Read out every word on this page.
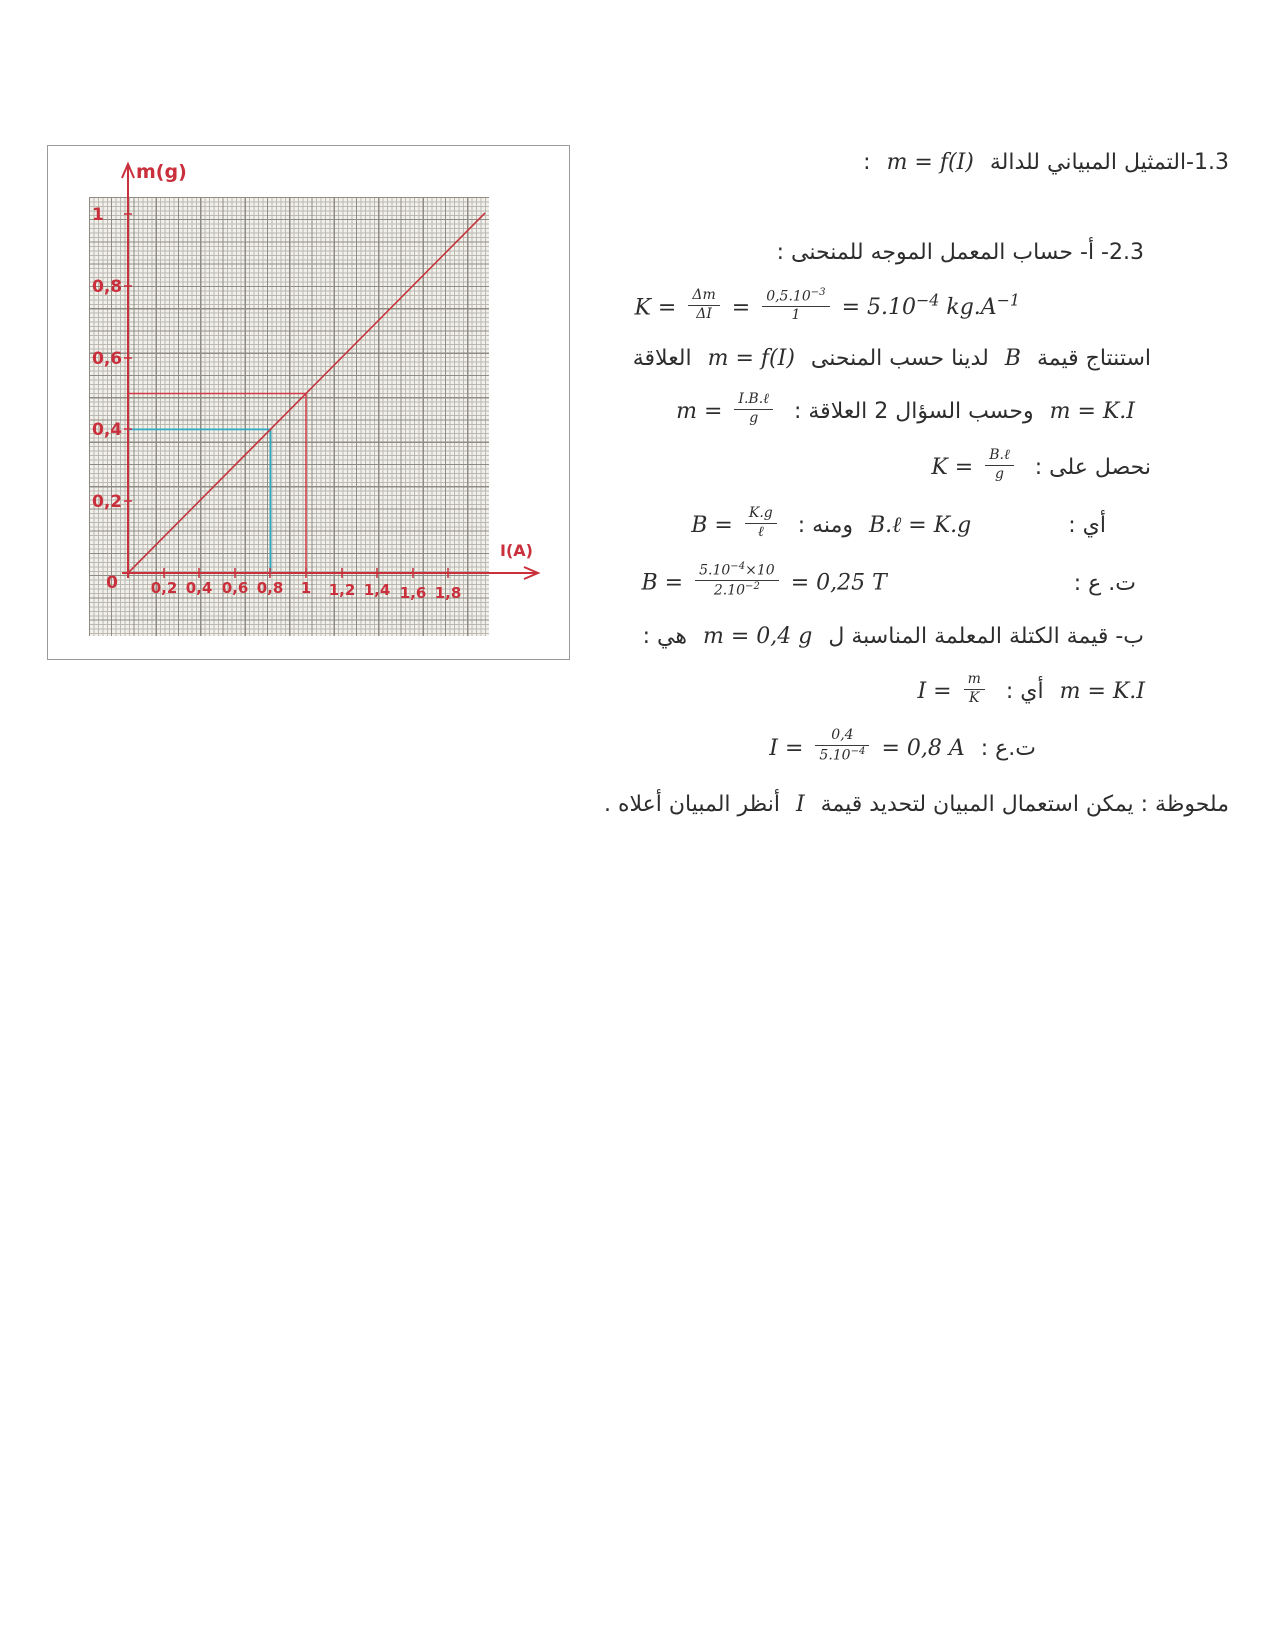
m(g)
I(A)
1
0,8
0,6
0,4
0,2
0 0,2 0,4 0,6 0,8 1 1,2 1,4 1,6 1,8
1.3-التمثيل المبياني للدالة m = f(I) :
2.3- أ- حساب المعمل الموجه للمنحنى :
$K = \frac{\Delta m}{\Delta I} = \frac{0,5.10^{-3}}{1} = 5.10^{-4}$ $kg.A^{-1}$
استنتاج قيمة B لدينا حسب المنحنى m = f(I) العلاقة
m = K.I وحسب السؤال 2 العلاقة : $m = \frac{\text{I.B.ℓ}}{g}$
نحصل على : $K = \frac{\text{B.ℓ}}{g}$
أي : B.ℓ = K.g ومنه : $B = \frac{K.g}{\text{ℓ}}$
ت. ع : $B = \frac{5.10^{-4}\times 10}{2.10^{-2}} = 0,25$ T
ب- قيمة الكتلة المعلمة المناسبة ل m = 0,4 g هي :
m = K.I أي : $I = \frac{m}{K}$
ت.ع : $I = \frac{0,4}{5.10^{-4}} = 0,8$ A
ملحوظة : يمكن استعمال المبيان لتحديد قيمة I أنظر المبيان أعلاه .
